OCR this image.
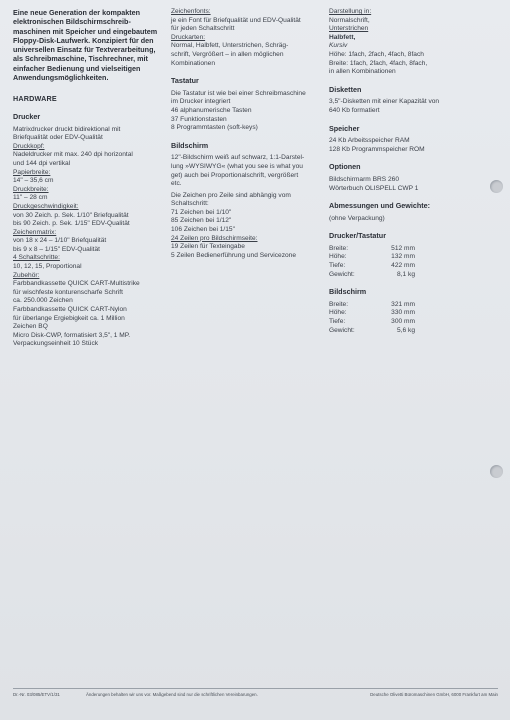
Eine neue Generation der kompakten elektronischen Bildschirmschreibmaschinen mit Speicher und eingebautem Floppy-Disk-Laufwerk. Konzipiert für den universellen Einsatz für Textverarbeitung, als Schreibmaschine, Tischrechner, mit einfacher Bedienung und vielseitigen Anwendungsmöglichkeiten.

HARDWARE

Drucker

Matrixdrucker druckt bidirektional mit
Briefqualität oder EDV-Qualität

Druckkopf:

Nadeldrucker mit max. 240 dpi horizontal
und 144 dpi vertikal

Papierbreite:

14" – 35,6 cm

Druckbreite:

11" – 28 cm

Druckgeschwindigkeit:

von 30 Zeich. p. Sek. 1/10" Briefqualität
bis 90 Zeich. p. Sek. 1/15" EDV-Qualität

Zeichenmatrix:

von 18 x 24 – 1/10" Briefqualität
bis 9 x 8 – 1/15" EDV-Qualität

4 Schaltschritte:

10, 12, 15, Proportional

Zubehör:

Farbbandkassette QUICK CART-Multistrike
für wischfeste konturenscharfe Schrift
ca. 250.000 Zeichen
Farbbandkassette QUICK CART-Nylon
für überlange Ergiebigkeit ca. 1 Million
Zeichen BQ
Micro Disk-CWP, formatisiert 3,5", 1 MP.
Verpackungseinheit 10 Stück

Zeichenfonts:

je ein Font für Briefqualität und EDV-Qualität
für jeden Schaltschritt

Druckarten:

Normal, Halbfett, Unterstrichen, Schräg-
schrift, Vergrößert – in allen möglichen
Kombinationen

Tastatur

Die Tastatur ist wie bei einer Schreibmaschine
im Drucker integriert
46 alphanumerische Tasten
37 Funktionstasten
8 Programmtasten (soft-keys)

Bildschirm

12"-Bildschirm weiß auf schwarz, 1:1-Darstel-
lung »WYSIWYG« (what you see is what you
get) auch bei Proportionalschrift, vergrößert
etc.

Die Zeichen pro Zeile sind abhängig vom
Schaltschritt:
71 Zeichen bei 1/10"
85 Zeichen bei 1/12"
106 Zeichen bei 1/15"

24 Zeilen pro Bildschirmseite:

19 Zeilen für Texteingabe
5 Zeilen Bedienerführung und Servicezone

Darstellung in:

Normalschrift,

Unterstrichen

Halbfett,

Kursiv

Höhe: 1fach, 2fach, 4fach, 8fach
Breite: 1fach, 2fach, 4fach, 8fach,
in allen Kombinationen

Disketten

3,5"-Disketten mit einer Kapazität von
640 Kb formatiert

Speicher

24 Kb Arbeitsspeicher RAM
128 Kb Programmspeicher ROM

Optionen

Bildschirmarm BRS 260
Wörterbuch OLISPELL CWP 1

Abmessungen und Gewichte:

(ohne Verpackung)

Drucker/Tastatur

Breite:	512 mm
Höhe:	132 mm
Tiefe:	422 mm
Gewicht:	8,1 kg

Bildschirm

Breite:	321 mm
Höhe:	330 mm
Tiefe:	300 mm
Gewicht:	5,6 kg
Dr.-Nr. 03/085/ETV/1/31	Änderungen behalten wir uns vor. Maßgebend sind nur die schriftlichen Vereinbarungen.	Deutsche Olivetti Büromaschinen GmbH, 6000 Frankfurt am Main
